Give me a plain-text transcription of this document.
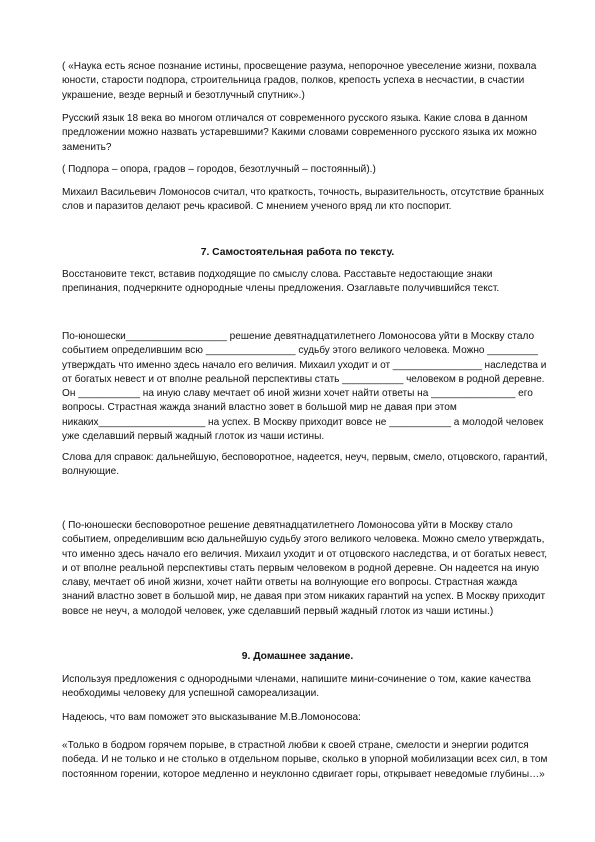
( «Наука есть ясное познание истины, просвещение разума, непорочное увеселение жизни, похвала
юности, старости подпора, строительница градов, полков, крепость успеха в несчастии, в счастии
украшение, везде верный и безотлучный спутник».)
Русский язык 18 века во многом отличался от современного русского языка. Какие слова в данном
предложении можно назвать устаревшими? Какими словами современного русского языка их можно
заменить?
( Подпора – опора, градов – городов, безотлучный – постоянный).)
Михаил Васильевич Ломоносов считал, что краткость, точность, выразительность, отсутствие бранных
слов и паразитов делают речь красивой. С мнением ученого вряд ли кто поспорит.
7. Самостоятельная работа по тексту.
Восстановите текст, вставив подходящие по смыслу слова. Расставьте недостающие знаки
препинания, подчеркните однородные члены предложения. Озаглавьте получившийся текст.
По-юношески__________________ решение девятнадцатилетнего Ломоносова уйти в Москву стало
событием определившим всю ________________ судьбу этого великого человека. Можно _________
утверждать что именно здесь начало его величия. Михаил уходит и от ________________ наследства и
от богатых невест и от вполне реальной перспективы стать ___________ человеком в родной деревне.
Он ___________ на иную славу мечтает об иной жизни хочет найти ответы на _______________ его
вопросы. Страстная жажда знаний властно зовет в большой мир не давая при этом
никаких___________________ на успех. В Москву приходит вовсе не ___________ а молодой человек
уже сделавший первый жадный глоток из чаши истины.
Слова для справок: дальнейшую, бесповоротное, надеется, неуч, первым, смело, отцовского, гарантий,
волнующие.
( По-юношески бесповоротное решение девятнадцатилетнего Ломоносова уйти в Москву стало
событием, определившим всю дальнейшую судьбу этого великого человека. Можно смело утверждать,
что именно здесь начало его величия. Михаил уходит и от отцовского наследства, и от богатых невест,
и от вполне реальной перспективы стать первым человеком в родной деревне. Он надеется на иную
славу, мечтает об иной жизни, хочет найти ответы на волнующие его вопросы. Страстная жажда
знаний властно зовет в большой мир, не давая при этом никаких гарантий на успех. В Москву приходит
вовсе не неуч, а молодой человек, уже сделавший первый жадный глоток из чаши истины.)
9. Домашнее задание.
Используя предложения с однородными членами, напишите мини-сочинение о том, какие качества
необходимы человеку для успешной самореализации.
Надеюсь, что вам поможет это высказывание М.В.Ломоносова:
«Только в бодром горячем порыве, в страстной любви к своей стране, смелости и энергии родится
победа. И не только и не столько в отдельном порыве, сколько в упорной мобилизации всех сил, в том
постоянном горении, которое медленно и неуклонно сдвигает горы, открывает неведомые глубины…»
